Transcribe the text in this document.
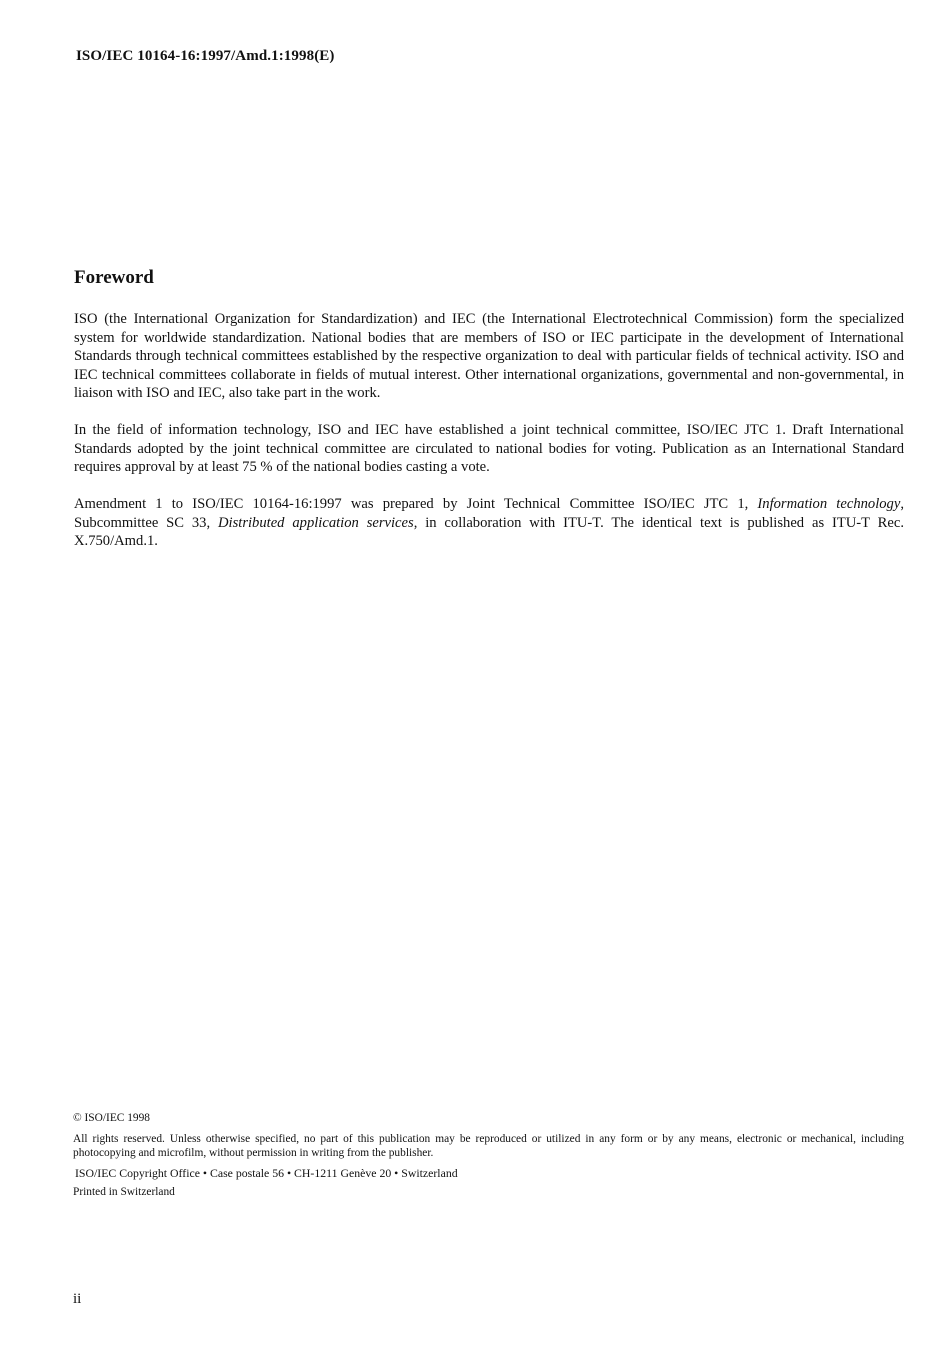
ISO/IEC 10164-16:1997/Amd.1:1998(E)
Foreword

ISO (the International Organization for Standardization) and IEC (the International Electrotechnical Commission) form the specialized system for worldwide standardization. National bodies that are members of ISO or IEC participate in the development of International Standards through technical committees established by the respective organization to deal with particular fields of technical activity. ISO and IEC technical committees collaborate in fields of mutual interest. Other international organizations, governmental and non-governmental, in liaison with ISO and IEC, also take part in the work.

In the field of information technology, ISO and IEC have established a joint technical committee, ISO/IEC JTC 1. Draft International Standards adopted by the joint technical committee are circulated to national bodies for voting. Publication as an International Standard requires approval by at least 75 % of the national bodies casting a vote.

Amendment 1 to ISO/IEC 10164-16:1997 was prepared by Joint Technical Committee ISO/IEC JTC 1, Information technology, Subcommittee SC 33, Distributed application services, in collaboration with ITU-T. The identical text is published as ITU-T Rec. X.750/Amd.1.

© ISO/IEC 1998

All rights reserved. Unless otherwise specified, no part of this publication may be reproduced or utilized in any form or by any means, electronic or mechanical, including photocopying and microfilm, without permission in writing from the publisher.

ISO/IEC Copyright Office • Case postale 56 • CH-1211 Genève 20 • Switzerland

Printed in Switzerland

ii
